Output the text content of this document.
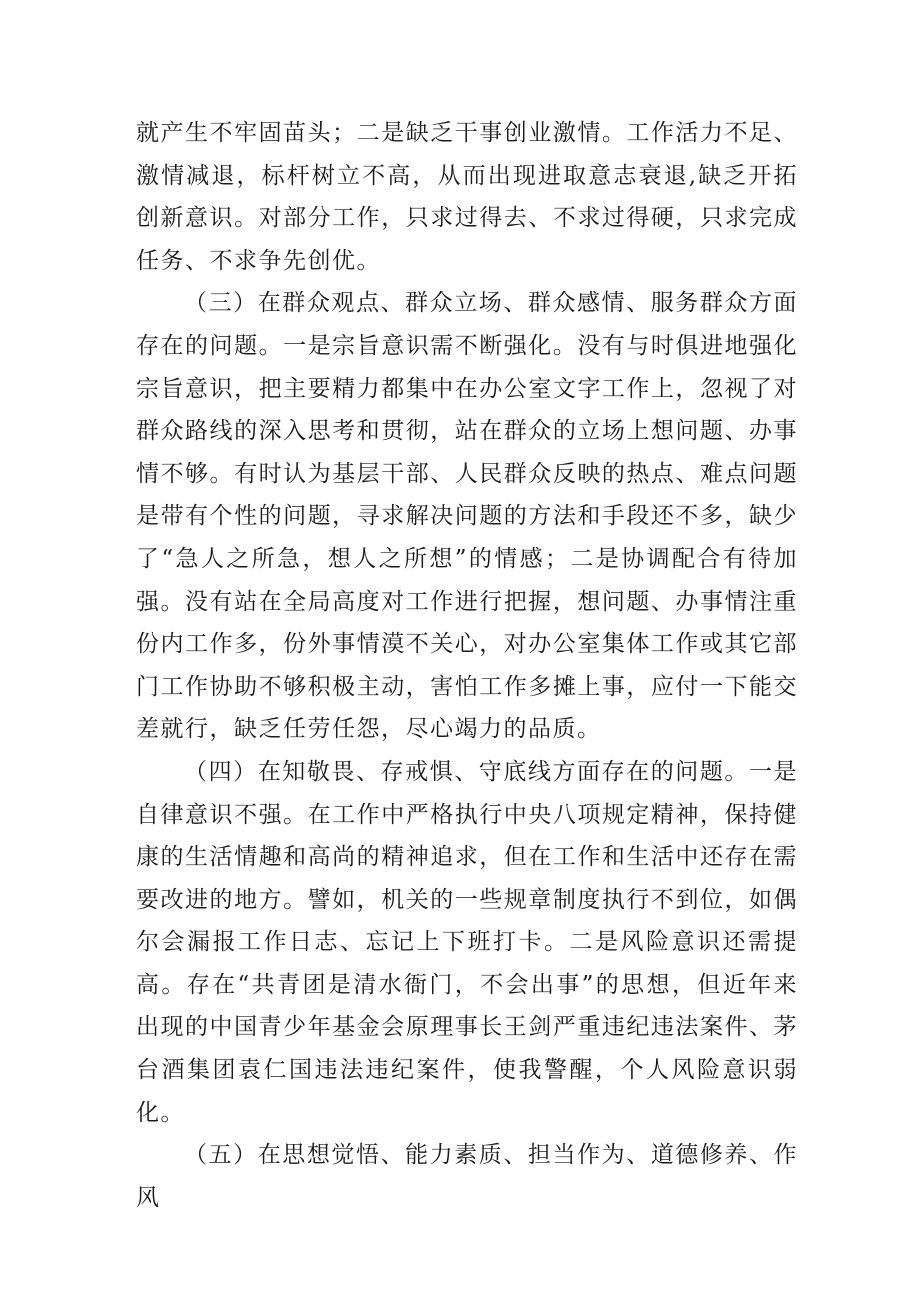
就产生不牢固苗头；二是缺乏干事创业激情。工作活力不足、激情减退，标杆树立不高，从而出现进取意志衰退,缺乏开拓创新意识。对部分工作，只求过得去、不求过得硬，只求完成任务、不求争先创优。

（三）在群众观点、群众立场、群众感情、服务群众方面存在的问题。一是宗旨意识需不断强化。没有与时俱进地强化宗旨意识，把主要精力都集中在办公室文字工作上，忽视了对群众路线的深入思考和贯彻，站在群众的立场上想问题、办事情不够。有时认为基层干部、人民群众反映的热点、难点问题是带有个性的问题，寻求解决问题的方法和手段还不多，缺少了“急人之所急，想人之所想”的情感；二是协调配合有待加强。没有站在全局高度对工作进行把握，想问题、办事情注重份内工作多，份外事情漠不关心，对办公室集体工作或其它部门工作协助不够积极主动，害怕工作多摊上事，应付一下能交差就行，缺乏任劳任怨，尽心竭力的品质。

（四）在知敬畏、存戒惧、守底线方面存在的问题。一是自律意识不强。在工作中严格执行中央八项规定精神，保持健康的生活情趣和高尚的精神追求，但在工作和生活中还存在需要改进的地方。譬如，机关的一些规章制度执行不到位，如偶尔会漏报工作日志、忘记上下班打卡。二是风险意识还需提高。存在“共青团是清水衙门，不会出事”的思想，但近年来出现的中国青少年基金会原理事长王剑严重违纪违法案件、茅台酒集团袁仁国违法违纪案件，使我警醒，个人风险意识弱化。

（五）在思想觉悟、能力素质、担当作为、道德修养、作风
